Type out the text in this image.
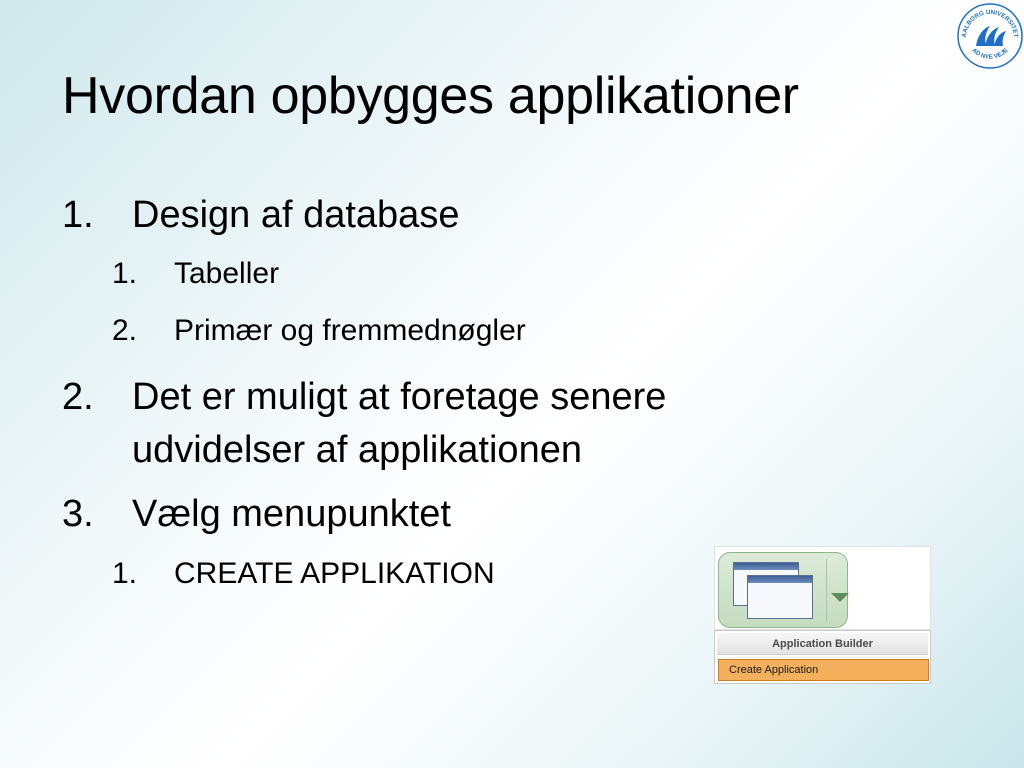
Hvordan opbygges applikationer
AALBORG UNIVERSITET
AD NYE VEJE
1. Design af database
1. Tabeller
2. Primær og fremmednøgler
2. Det er muligt at foretage senere
udvidelser af applikationen
3. Vælg menupunktet
1. CREATE APPLIKATION
Application Builder
Create Application
